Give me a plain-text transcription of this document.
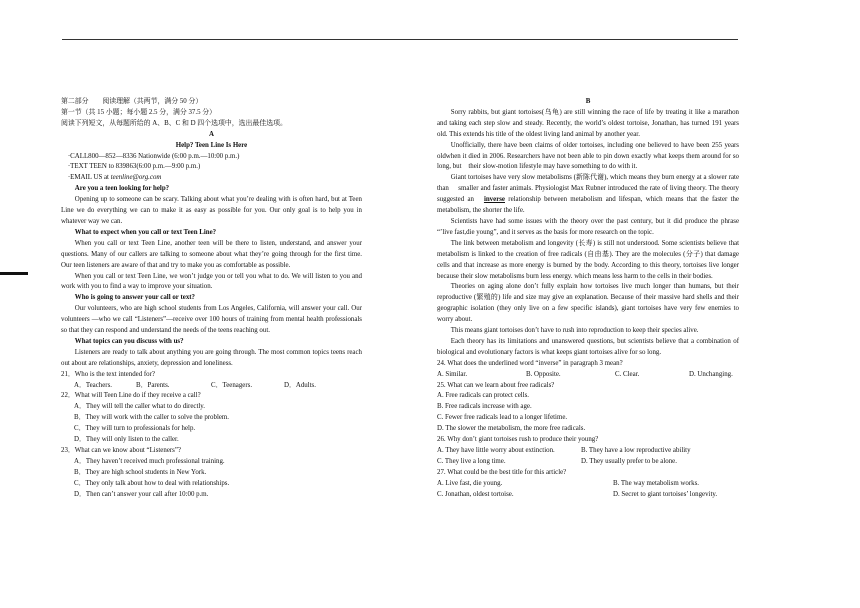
第二部分　　阅读理解（共两节，满分 50 分）

第一节（共 15 小题；每小题 2.5 分，满分 37.5 分）

阅读下列短文，从每题所给的 A、B、C 和 D 四个选项中，选出最佳选项。

A

Help? Teen Line Is Here

·CALL800—852—8336 Nationwide (6:00 p.m.—10:00 p.m.)

·TEXT TEEN to 839863(6:00 p.m.—9:00 p.m.)

·EMAIL US at teenline@org.com

Are you a teen looking for help?

Opening up to someone can be scary. Talking about what you’re dealing with is often hard, but at Teen Line we do everything we can to make it as easy as possible for you. Our only goal is to help you in whatever way we can.

What to expect when you call or text Teen Line?

When you call or text Teen Line, another teen will be there to listen, understand, and answer your questions. Many of our callers are talking to someone about what they’re going through for the first time. Our teen listeners are aware of that and try to make you as comfortable as possible.

When you call or text Teen Line, we won’t judge you or tell you what to do. We will listen to you and work with you to find a way to improve your situation.

Who is going to answer your call or text?

Our volunteers, who are high school students from Los Angeles, California, will answer your call. Our volunteers —who we call “Listeners”—receive over 100 hours of training from mental health professionals so that they can respond and understand the needs of the teens reaching out.

What topics can you discuss with us?

Listeners are ready to talk about anything you are going through. The most common topics teens reach out about are relationships, anxiety, depression and loneliness.

21．Who is the text intended for?

A．Teachers.	B．Parents.	C．Teenagers.	D．Adults.

22．What will Teen Line do if they receive a call?

A．They will tell the caller what to do directly.

B．They will work with the caller to solve the problem.

C．They will turn to professionals for help.

D．They will only listen to the caller.

23．What can we know about “Listeners”?

A．They haven’t received much professional training.

B．They are high school students in New York.

C．They only talk about how to deal with relationships.

D．Then can’t answer your call after 10:00 p.m.

B

Sorry rabbits, but giant tortoises(乌龟) are still winning the race of life by treating it like a marathon and taking each step slow and steady. Recently, the world’s oldest tortoise, Jonathan, has turned 191 years old. This extends his title of the oldest living land animal by another year.

Unofficially, there have been claims of older tortoises, including one believed to have been 255 years oldwhen it died in 2006. Researchers have not been able to pin down exactly what keeps them around for so long, but　their slow-motion lifestyle may have something to do with it.

Giant tortoises have very slow metabolisms (新陈代谢), which means they burn energy at a slower rate than　 smaller and faster animals. Physiologist Max Rubner introduced the rate of living theory. The theory suggested an　inverse relationship between metabolism and lifespan, which means that the faster the metabolism, the shorter the life.

Scientists have had some issues with the theory over the past century, but it did produce the phrase “’live fast,die young”, and it serves as the basis for more research on the topic.

The link between metabolism and longevity (长寿) is still not understood. Some scientists believe that metabolism is linked to the creation of free radicals (自由基). They are the molecules (分子) that damage cells and that increase as more energy is burned by the body. According to this theory, tortoises live longer because their slow metabolisms burn less energy. which means less harm to the cells in their bodies.

Theories on aging alone don’t fully explain how tortoises live much longer than humans, but their reproductive (繁殖的) life and size may give an explanation. Because of their massive hard shells and their geographic isolation (they only live on a few specific islands), giant tortoises have very few enemies to worry about.

This means giant tortoises don’t have to rush into reproduction to keep their species alive.

Each theory has its limitations and unanswered questions, but scientists believe that a combination of biological and evolutionary factors is what keeps giant tortoises alive for so long.

24. What does the underlined word “inverse” in paragraph 3 mean?

A. Similar.	B. Opposite.	C. Clear.	D. Unchanging.

25. What can we learn about free radicals?

A. Free radicals can protect cells.

B. Free radicals increase with age.

C. Fewer free radicals lead to a longer lifetime.

D. The slower the metabolism, the more free radicals.

26. Why don’t giant tortoises rush to produce their young?

A. They have little worry about extinction.	B. They have a low reproductive ability
C. They live a long time.	D. They usually prefer to be alone.

27. What could be the best title for this article?

A. Live fast, die young.	B. The way metabolism works.
C. Jonathan, oldest tortoise.	D. Secret to giant tortoises’ longevity.
